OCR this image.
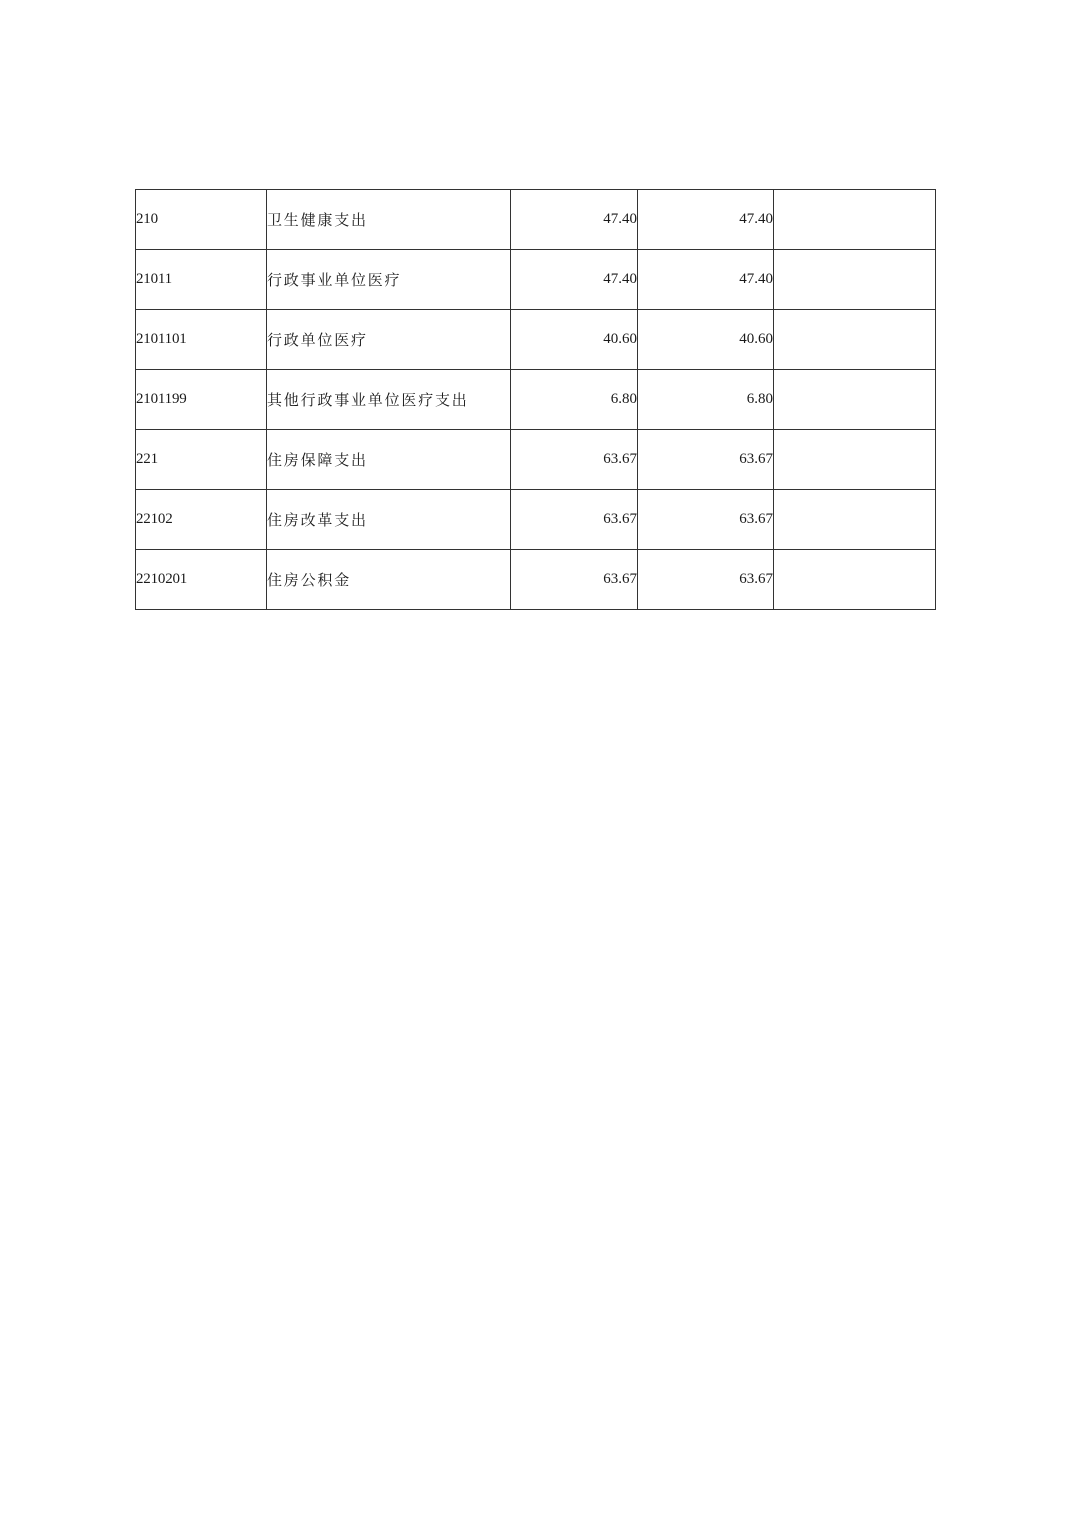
210	卫生健康支出	47.40	47.40	
21011	行政事业单位医疗	47.40	47.40	
2101101	行政单位医疗	40.60	40.60	
2101199	其他行政事业单位医疗支出	6.80	6.80	
221	住房保障支出	63.67	63.67	
22102	住房改革支出	63.67	63.67	
2210201	住房公积金	63.67	63.67	
